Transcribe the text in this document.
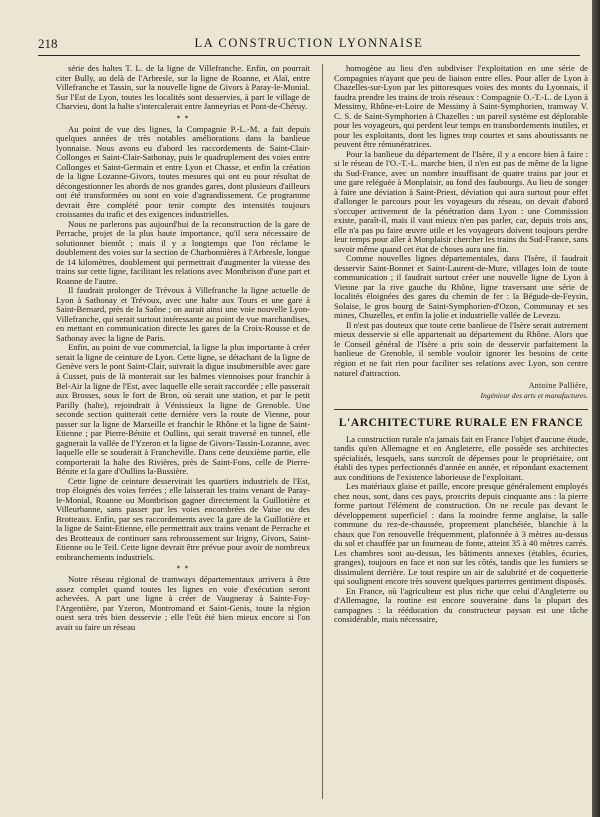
218	LA CONSTRUCTION LYONNAISE

série des haltes T. L. de la ligne de Villefranche. Enfin, on pourrait citer Bully, au delà de l'Arbresle, sur la ligne de Roanne, et Alaï, entre Villefranche et Tassin, sur la nouvelle ligne de Givors à Paray-le-Monial. Sur l'Est de Lyon, toutes les localités sont desservies, à part le village de Charvieu, dont la halte s'intercalerait entre Janneyrias et Pont-de-Chéruy.

* *

Au point de vue des lignes, la Compagnie P.-L.-M. a fait depuis quelques années de très notables améliorations dans la banlieue lyonnaise. Nous avons eu d'abord les raccordements de Saint-Clair-Collonges et Saint-Clair-Sathonay, puis le quadruplement des voies entre Collonges et Saint-Germain et entre Lyon et Chasse, et enfin la création de la ligne Lozanne-Givors, toutes mesures qui ont eu pour résultat de décongestionner les abords de nos grandes gares, dont plusieurs d'ailleurs ont été transformées ou sont en voie d'agrandissement. Ce programme devrait être complété pour tenir compte des intensités toujours croissantes du trafic et des exigences industrielles.

Nous ne parlerons pas aujourd'hui de la reconstruction de la gare de Perrache, projet de la plus haute importance, qu'il sera nécessaire de solutionner bientôt ; mais il y a longtemps que l'on réclame le doublement des voies sur la section de Charbonnières à l'Arbresle, longue de 14 kilomètres, doublement qui permettrait d'augmenter la vitesse des trains sur cette ligne, facilitant les relations avec Montbrison d'une part et Roanne de l'autre.

Il faudrait prolonger de Trévoux à Villefranche la ligne actuelle de Lyon à Sathonay et Trévoux, avec une halte aux Tours et une gare à Saint-Bernard, près de la Saône ; on aurait ainsi une voie nouvelle Lyon-Villefranche, qui serait surtout intéressante au point de vue marchandises, en mettant en communication directe les gares de la Croix-Rousse et de Sathonay avec la ligne de Paris.

Enfin, au point de vue commercial, la ligne la plus importante à créer serait la ligne de ceinture de Lyon. Cette ligne, se détachant de la ligne de Genève vers le pont Saint-Clair, suivrait la digue insubmersible avec gare à Cusset, puis de là monterait sur les balmes viennoises pour franchir à Bel-Air la ligne de l'Est, avec laquelle elle serait raccordée ; elle passerait aux Brosses, sous le fort de Bron, où serait une station, et par le petit Parilly (halte), rejoindrait à Vénissieux la ligne de Grenoble. Une seconde section quitterait cette dernière vers la route de Vienne, pour passer sur la ligne de Marseille et franchir le Rhône et la ligne de Saint-Etienne ; par Pierre-Bénite et Oullins, qui serait traversé en tunnel, elle gagnerait la vallée de l'Yzeron et la ligne de Givors-Tassin-Lozanne, avec laquelle elle se souderait à Francheville. Dans cette deuxième partie, elle comporterait la halte des Rivières, près de Saint-Fons, celle de Pierre-Bénite et la gare d'Oullins la-Bussière.

Cette ligne de ceinture desservirait les quartiers industriels de l'Est, trop éloignés des voies ferrées ; elle laisserait les trains venant de Paray-le-Monial, Roanne ou Montbrison gagner directement la Guillotière et Villeurbanne, sans passer par les voies encombrées de Vaise ou des Brotteaux. Enfin, par ses raccordements avec la gare de la Guillotière et la ligne de Saint-Etienne, elle permettrait aux trains venant de Perrache et des Brotteaux de continuer sans rebroussement sur Irigny, Givors, Saint-Etienne ou le Teil. Cette ligne devrait être prévue pour avoir de nombreux embranchements industriels.

* *

Notre réseau régional de tramways départementaux arrivera à être assez complet quand toutes les lignes en voie d'exécution seront achevées. A part une ligne à créer de Vaugneray à Sainte-Foy-l'Argentière, par Yzeron, Montromand et Saint-Genis, toute la région ouest sera très bien desservie ; elle l'eût été bien mieux encore si l'on avait su faire un réseau

homogène au lieu d'en subdiviser l'exploitation en une série de Compagnies n'ayant que peu de liaison entre elles. Pour aller de Lyon à Chazelles-sur-Lyon par les pittoresques voies des monts du Lyonnais, il faudra prendre les trains de trois réseaux : Compagnie O.-T.-L. de Lyon à Messimy, Rhône-et-Loire de Messimy à Saint-Symphorien, tramway V. C. S. de Saint-Symphorien à Chazelles : un pareil système est déplorable pour les voyageurs, qui perdent leur temps en transbordements inutiles, et pour les exploitants, dont les lignes trop courtes et sans aboutissants ne peuvent être rémunératrices.

Pour la banlieue du département de l'Isère, il y a encore bien à faire : si le réseau de l'O.-T.-L. marche bien, il n'en est pas de même de la ligne du Sud-France, avec un nombre insuffisant de quatre trains par jour et une gare reléguée à Monplaisir, au fond des faubourgs. Au lieu de songer à faire une déviation à Saint-Priest, déviation qui aura surtout pour effet d'allonger le parcours pour les voyageurs du réseau, on devait d'abord s'occuper activement de la pénétration dans Lyon : une Commission existe, paraît-il, mais il vaut mieux n'en pas parler, car, depuis trois ans, elle n'a pas pu faire œuvre utile et les voyageurs doivent toujours perdre leur temps pour aller à Monplaisir chercher les trains du Sud-France, sans savoir même quand cet état de choses aura une fin.

Comme nouvelles lignes départementales, dans l'Isère, il faudrait desservir Saint-Bonnet et Saint-Laurent-de-Mure, villages loin de toute communication ; il faudrait surtout créer une nouvelle ligne de Lyon à Vienne par la rive gauche du Rhône, ligne traversant une série de localités éloignées des gares du chemin de fer : la Bégude-de-Feysin, Solaise, le gros bourg de Saint-Symphorien-d'Ozon, Communay et ses mines, Chuzelles, et enfin la jolie et industrielle vallée de Levezu.

Il n'est pas douteux que toute cette banlieue de l'Isère serait autrement mieux desservie si elle appartenait au département du Rhône. Alors que le Conseil général de l'Isère a pris soin de desservir parfaitement la banlieue de Grenoble, il semble vouloir ignorer les besoins de cette région et ne fait rien pour faciliter ses relations avec Lyon, son centre naturel d'attraction.

Antoine Pallière,
Ingénieur des arts et manufactures.
L'ARCHITECTURE RURALE EN FRANCE

La construction rurale n'a jamais fait en France l'objet d'aucune étude, tandis qu'en Allemagne et en Angleterre, elle possède ses architectes spécialisés, lesquels, sans surcroît de dépenses pour le propriétaire, ont établi des types perfectionnés d'année en année, et répondant exactement aux conditions de l'existence laborieuse de l'exploitant.

Les matériaux glaise et paille, encore presque généralement employés chez nous, sont, dans ces pays, proscrits depuis cinquante ans : la pierre forme partout l'élément de construction. On ne recule pas devant le développement superficiel : dans la moindre ferme anglaise, la salle commune du rez-de-chaussée, proprement planchéiée, blanchie à la chaux que l'on renouvelle fréquemment, plafonnée à 3 mètres au-dessus du sol et chauffée par un fourneau de fonte, atteint 35 à 40 mètres carrés. Les chambres sont au-dessus, les bâtiments annexes (étables, écuries, granges), toujours en face et non sur les côtés, tandis que les fumiers se dissimulent derrière. Le tout respire un air de salubrité et de coquetterie qui soulignent encore très souvent quelques parterres gentiment disposés.

En France, où l'agriculteur est plus riche que celui d'Angleterre ou d'Allemagne, la routine est encore souveraine dans la plupart des campagnes : la rééducation du constructeur paysan est une tâche considérable, mais nécessaire,
